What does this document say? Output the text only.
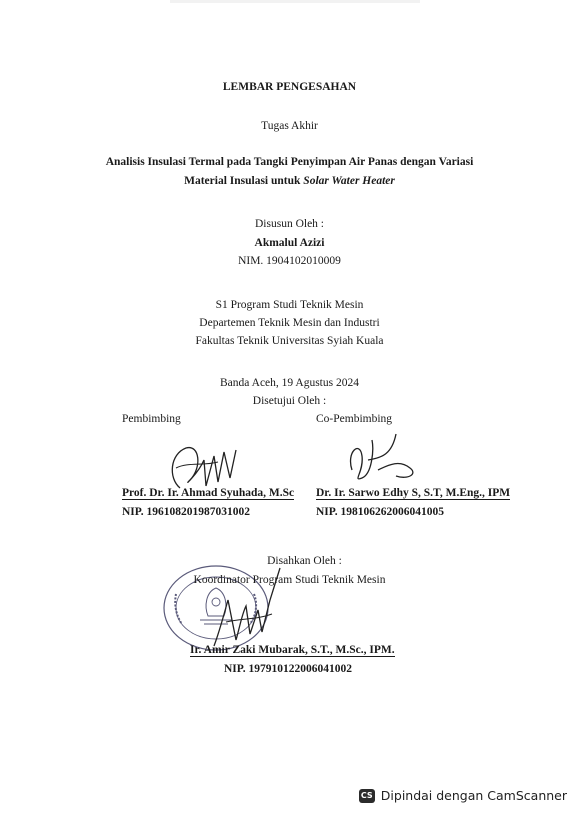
LEMBAR PENGESAHAN
Tugas Akhir
Analisis Insulasi Termal pada Tangki Penyimpan Air Panas dengan Variasi
Material Insulasi untuk Solar Water Heater
Disusun Oleh :
Akmalul Azizi
NIM. 1904102010009
S1 Program Studi Teknik Mesin
Departemen Teknik Mesin dan Industri
Fakultas Teknik Universitas Syiah Kuala
Banda Aceh, 19 Agustus 2024
Disetujui Oleh :
Pembimbing	Co-Pembimbing
Prof. Dr. Ir. Ahmad Syuhada, M.Sc Dr. Ir. Sarwo Edhy S, S.T, M.Eng., IPM
NIP. 196108201987031002	NIP. 198106262006041005
Disahkan Oleh :
Koordinator Program Studi Teknik Mesin
Ir. Amir Zaki Mubarak, S.T., M.Sc., IPM.
NIP. 197910122006041002
CS Dipindai dengan CamScanner
